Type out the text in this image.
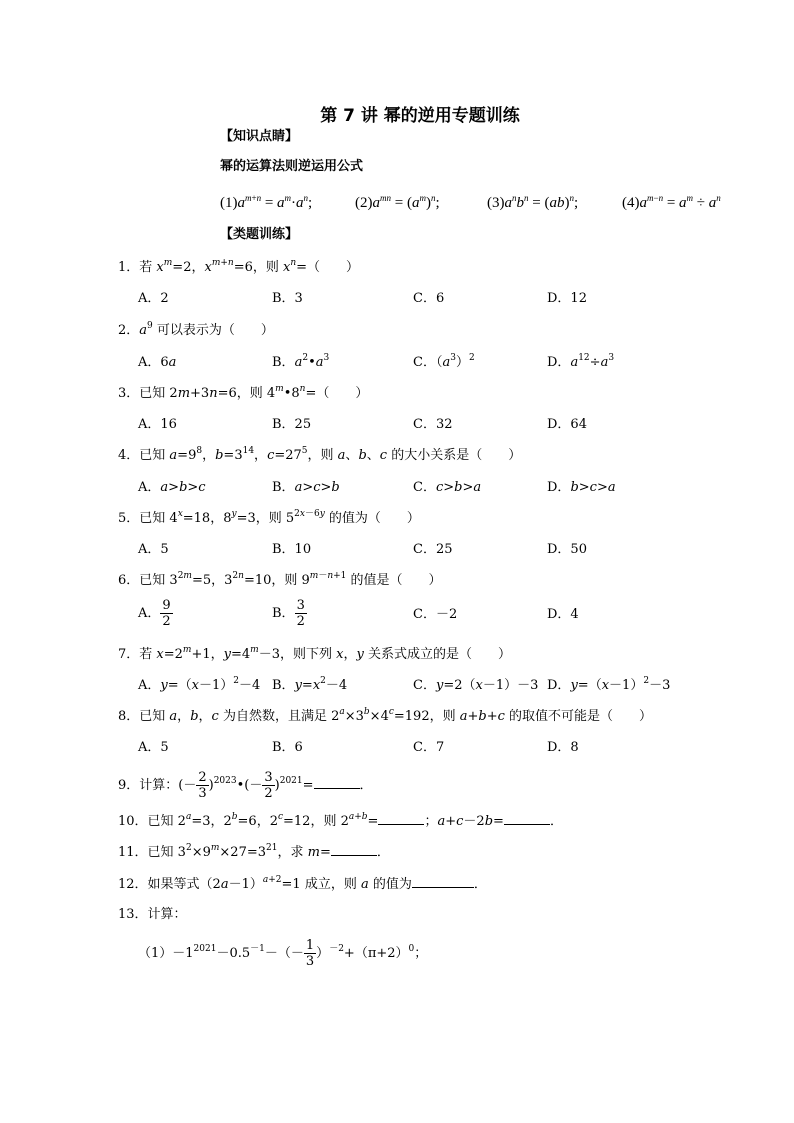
第 7 讲 幂的逆用专题训练
【知识点睛】
幂的运算法则逆运用公式
$(1)a^{m+n} = a^m\cdot a^n$;	$(2)a^{mn} = (a^m)^n$;	$(3)a^nb^n = (ab)^n$;	$(4)a^{m-n} = a^m \div a^n$
【类题训练】
1．若 $x^m=2$，$x^{m+n}=6$，则 $x^n=$（　　）
A．2	B．3	C．6	D．12
2．$a^9$ 可以表示为（　　）
A．6a	B．$a^2•a^3$	C．$(a^3)^2$	D．$a^{12}\div a^3$
3．已知 2m+3n=6，则 $4^m•8^n=$（　　）
A．16	B．25	C．32	D．64
4．已知 $a=9^8$，$b=3^{14}$，$c=27^5$，则 a、b、c 的大小关系是（　　）
A．a>b>c	B．a>c>b	C．c>b>a	D．b>c>a
5．已知 $4^x=18$，$8^y=3$，则 $5^{2x-6y}$ 的值为（　　）
A．5	B．10	C．25	D．50
6．已知 $3^{2m}=5$，$3^{2n}=10$，则 $9^{m-n+1}$ 的值是（　　）
A． $\frac{9}{2}$	B． $\frac{3}{2}$	C．－2	D．4
7．若 $x=2^m+1$，$y=4^m-3$，则下列 x，y 关系式成立的是（　　）
A．$y=(x-1)^2-4$ B．$y=x^2-4$	C．y=2（x－1）－3 D．$y=(x-1)^2-3$
8．已知 a，b，c 为自然数，且满足 $2^a\times 3^b\times 4^c=192$，则 a+b+c 的取值不可能是（　　）
A．5	B．6	C．7	D．8
9．计算：(－ $\frac{2}{3}$ )$^{2023}$•(－ $\frac{3}{2} )^{2021}=$	．
10．已知 $2^a=3$，$2^b=6$，$2^c=12$，则 $2^{a+b}=$	；a+c－2b=	．
11．已知 $3^2\times 9^m\times 27=3^{21}$，求 m=	．
12．如果等式$(2a-1)^{a+2}=1$ 成立，则 a 的值为	．
13．计算：
$(1)-1^{2021}-0.5^{-1}-(- \frac{1}{3} )^{-2}+(\pi+2)^0$；
